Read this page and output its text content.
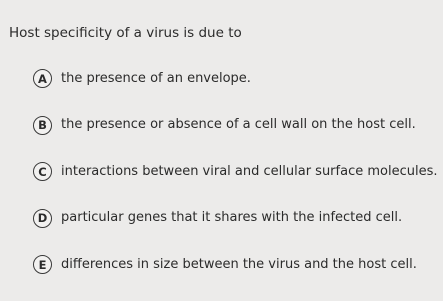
Host specificity of a virus is due to
A	the presence of an envelope.
B	the presence or absence of a cell wall on the host cell.
C	interactions between viral and cellular surface molecules.
D	particular genes that it shares with the infected cell.
E	differences in size between the virus and the host cell.
